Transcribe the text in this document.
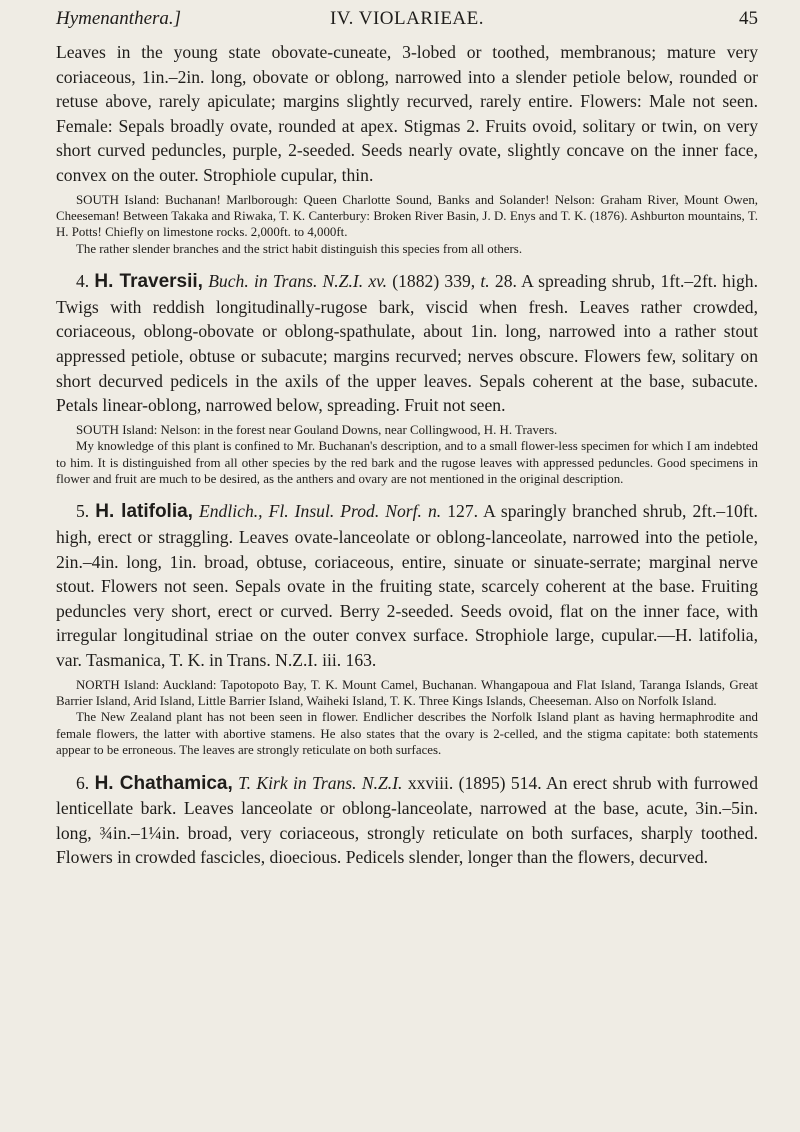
Hymenanthera.]	IV. VIOLARIEAE.	45

Leaves in the young state obovate-cuneate, 3-lobed or toothed, membranous; mature very coriaceous, 1in.–2in. long, obovate or oblong, narrowed into a slender petiole below, rounded or retuse above, rarely apiculate; margins slightly recurved, rarely entire. Flowers: Male not seen. Female: Sepals broadly ovate, rounded at apex. Stigmas 2. Fruits ovoid, solitary or twin, on very short curved peduncles, purple, 2-seeded. Seeds nearly ovate, slightly concave on the inner face, convex on the outer. Strophiole cupular, thin.

SOUTH Island: Buchanan! Marlborough: Queen Charlotte Sound, Banks and Solander! Nelson: Graham River, Mount Owen, Cheeseman! Between Takaka and Riwaka, T. K. Canterbury: Broken River Basin, J. D. Enys and T. K. (1876). Ashburton mountains, T. H. Potts! Chiefly on limestone rocks. 2,000ft. to 4,000ft.

The rather slender branches and the strict habit distinguish this species from all others.

4. H. Traversii, Buch. in Trans. N.Z.I. xv. (1882) 339, t. 28. A spreading shrub, 1ft.–2ft. high. Twigs with reddish longitudinally-rugose bark, viscid when fresh. Leaves rather crowded, coriaceous, oblong-obovate or oblong-spathulate, about 1in. long, narrowed into a rather stout appressed petiole, obtuse or subacute; margins recurved; nerves obscure. Flowers few, solitary on short decurved pedicels in the axils of the upper leaves. Sepals coherent at the base, subacute. Petals linear-oblong, narrowed below, spreading. Fruit not seen.

SOUTH Island: Nelson: in the forest near Gouland Downs, near Collingwood, H. H. Travers.

My knowledge of this plant is confined to Mr. Buchanan's description, and to a small flower-less specimen for which I am indebted to him. It is distinguished from all other species by the red bark and the rugose leaves with appressed peduncles. Good specimens in flower and fruit are much to be desired, as the anthers and ovary are not mentioned in the original description.

5. H. latifolia, Endlich., Fl. Insul. Prod. Norf. n. 127. A sparingly branched shrub, 2ft.–10ft. high, erect or straggling. Leaves ovate-lanceolate or oblong-lanceolate, narrowed into the petiole, 2in.–4in. long, 1in. broad, obtuse, coriaceous, entire, sinuate or sinuate-serrate; marginal nerve stout. Flowers not seen. Sepals ovate in the fruiting state, scarcely coherent at the base. Fruiting peduncles very short, erect or curved. Berry 2-seeded. Seeds ovoid, flat on the inner face, with irregular longitudinal striae on the outer convex surface. Strophiole large, cupular.—H. latifolia, var. Tasmanica, T. K. in Trans. N.Z.I. iii. 163.

NORTH Island: Auckland: Tapotopoto Bay, T. K. Mount Camel, Buchanan. Whangapoua and Flat Island, Taranga Islands, Great Barrier Island, Arid Island, Little Barrier Island, Waiheki Island, T. K. Three Kings Islands, Cheeseman. Also on Norfolk Island.

The New Zealand plant has not been seen in flower. Endlicher describes the Norfolk Island plant as having hermaphrodite and female flowers, the latter with abortive stamens. He also states that the ovary is 2-celled, and the stigma capitate: both statements appear to be erroneous. The leaves are strongly reticulate on both surfaces.

6. H. Chathamica, T. Kirk in Trans. N.Z.I. xxviii. (1895) 514. An erect shrub with furrowed lenticellate bark. Leaves lanceolate or oblong-lanceolate, narrowed at the base, acute, 3in.–5in. long, ¾in.–1¼in. broad, very coriaceous, strongly reticulate on both surfaces, sharply toothed. Flowers in crowded fascicles, dioecious. Pedicels slender, longer than the flowers, decurved.
